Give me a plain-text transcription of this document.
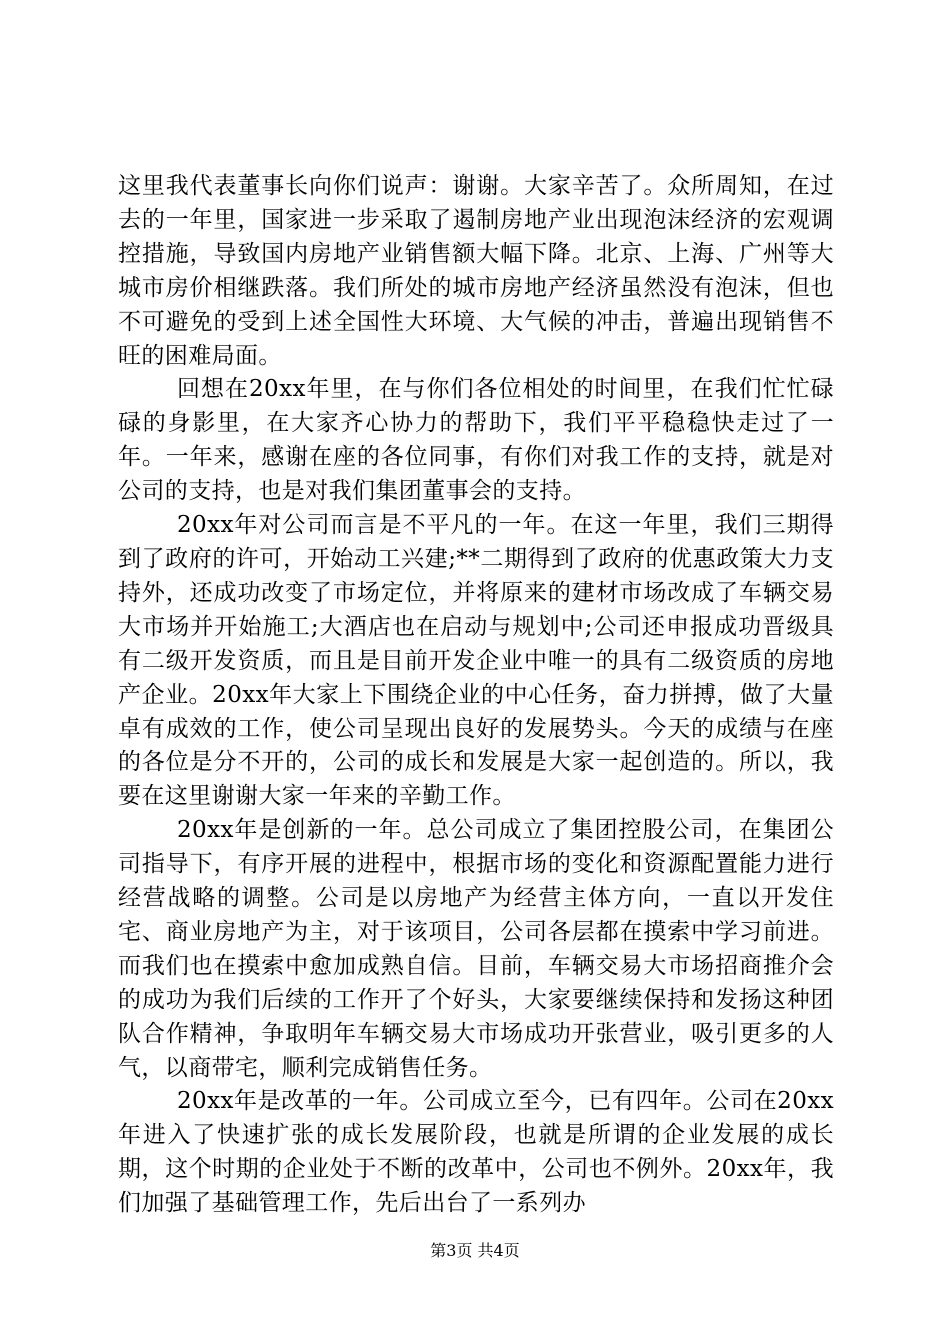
这里我代表董事长向你们说声：谢谢。大家辛苦了。众所周知，在过去的一年里，国家进一步采取了遏制房地产业出现泡沫经济的宏观调控措施，导致国内房地产业销售额大幅下降。北京、上海、广州等大城市房价相继跌落。我们所处的城市房地产经济虽然没有泡沫，但也不可避免的受到上述全国性大环境、大气候的冲击，普遍出现销售不旺的困难局面。

回想在20xx年里，在与你们各位相处的时间里，在我们忙忙碌碌的身影里，在大家齐心协力的帮助下，我们平平稳稳快走过了一年。一年来，感谢在座的各位同事，有你们对我工作的支持，就是对公司的支持，也是对我们集团董事会的支持。

20xx年对公司而言是不平凡的一年。在这一年里，我们三期得到了政府的许可，开始动工兴建;**二期得到了政府的优惠政策大力支持外，还成功改变了市场定位，并将原来的建材市场改成了车辆交易大市场并开始施工;大酒店也在启动与规划中;公司还申报成功晋级具有二级开发资质，而且是目前开发企业中唯一的具有二级资质的房地产企业。20xx年大家上下围绕企业的中心任务，奋力拼搏，做了大量卓有成效的工作，使公司呈现出良好的发展势头。今天的成绩与在座的各位是分不开的，公司的成长和发展是大家一起创造的。所以，我要在这里谢谢大家一年来的辛勤工作。

20xx年是创新的一年。总公司成立了集团控股公司，在集团公司指导下，有序开展的进程中，根据市场的变化和资源配置能力进行经营战略的调整。公司是以房地产为经营主体方向，一直以开发住宅、商业房地产为主，对于该项目，公司各层都在摸索中学习前进。而我们也在摸索中愈加成熟自信。目前，车辆交易大市场招商推介会的成功为我们后续的工作开了个好头，大家要继续保持和发扬这种团队合作精神，争取明年车辆交易大市场成功开张营业，吸引更多的人气，以商带宅，顺利完成销售任务。

20xx年是改革的一年。公司成立至今，已有四年。公司在20xx年进入了快速扩张的成长发展阶段，也就是所谓的企业发展的成长期，这个时期的企业处于不断的改革中，公司也不例外。20xx年，我们加强了基础管理工作，先后出台了一系列办

第3页 共4页
